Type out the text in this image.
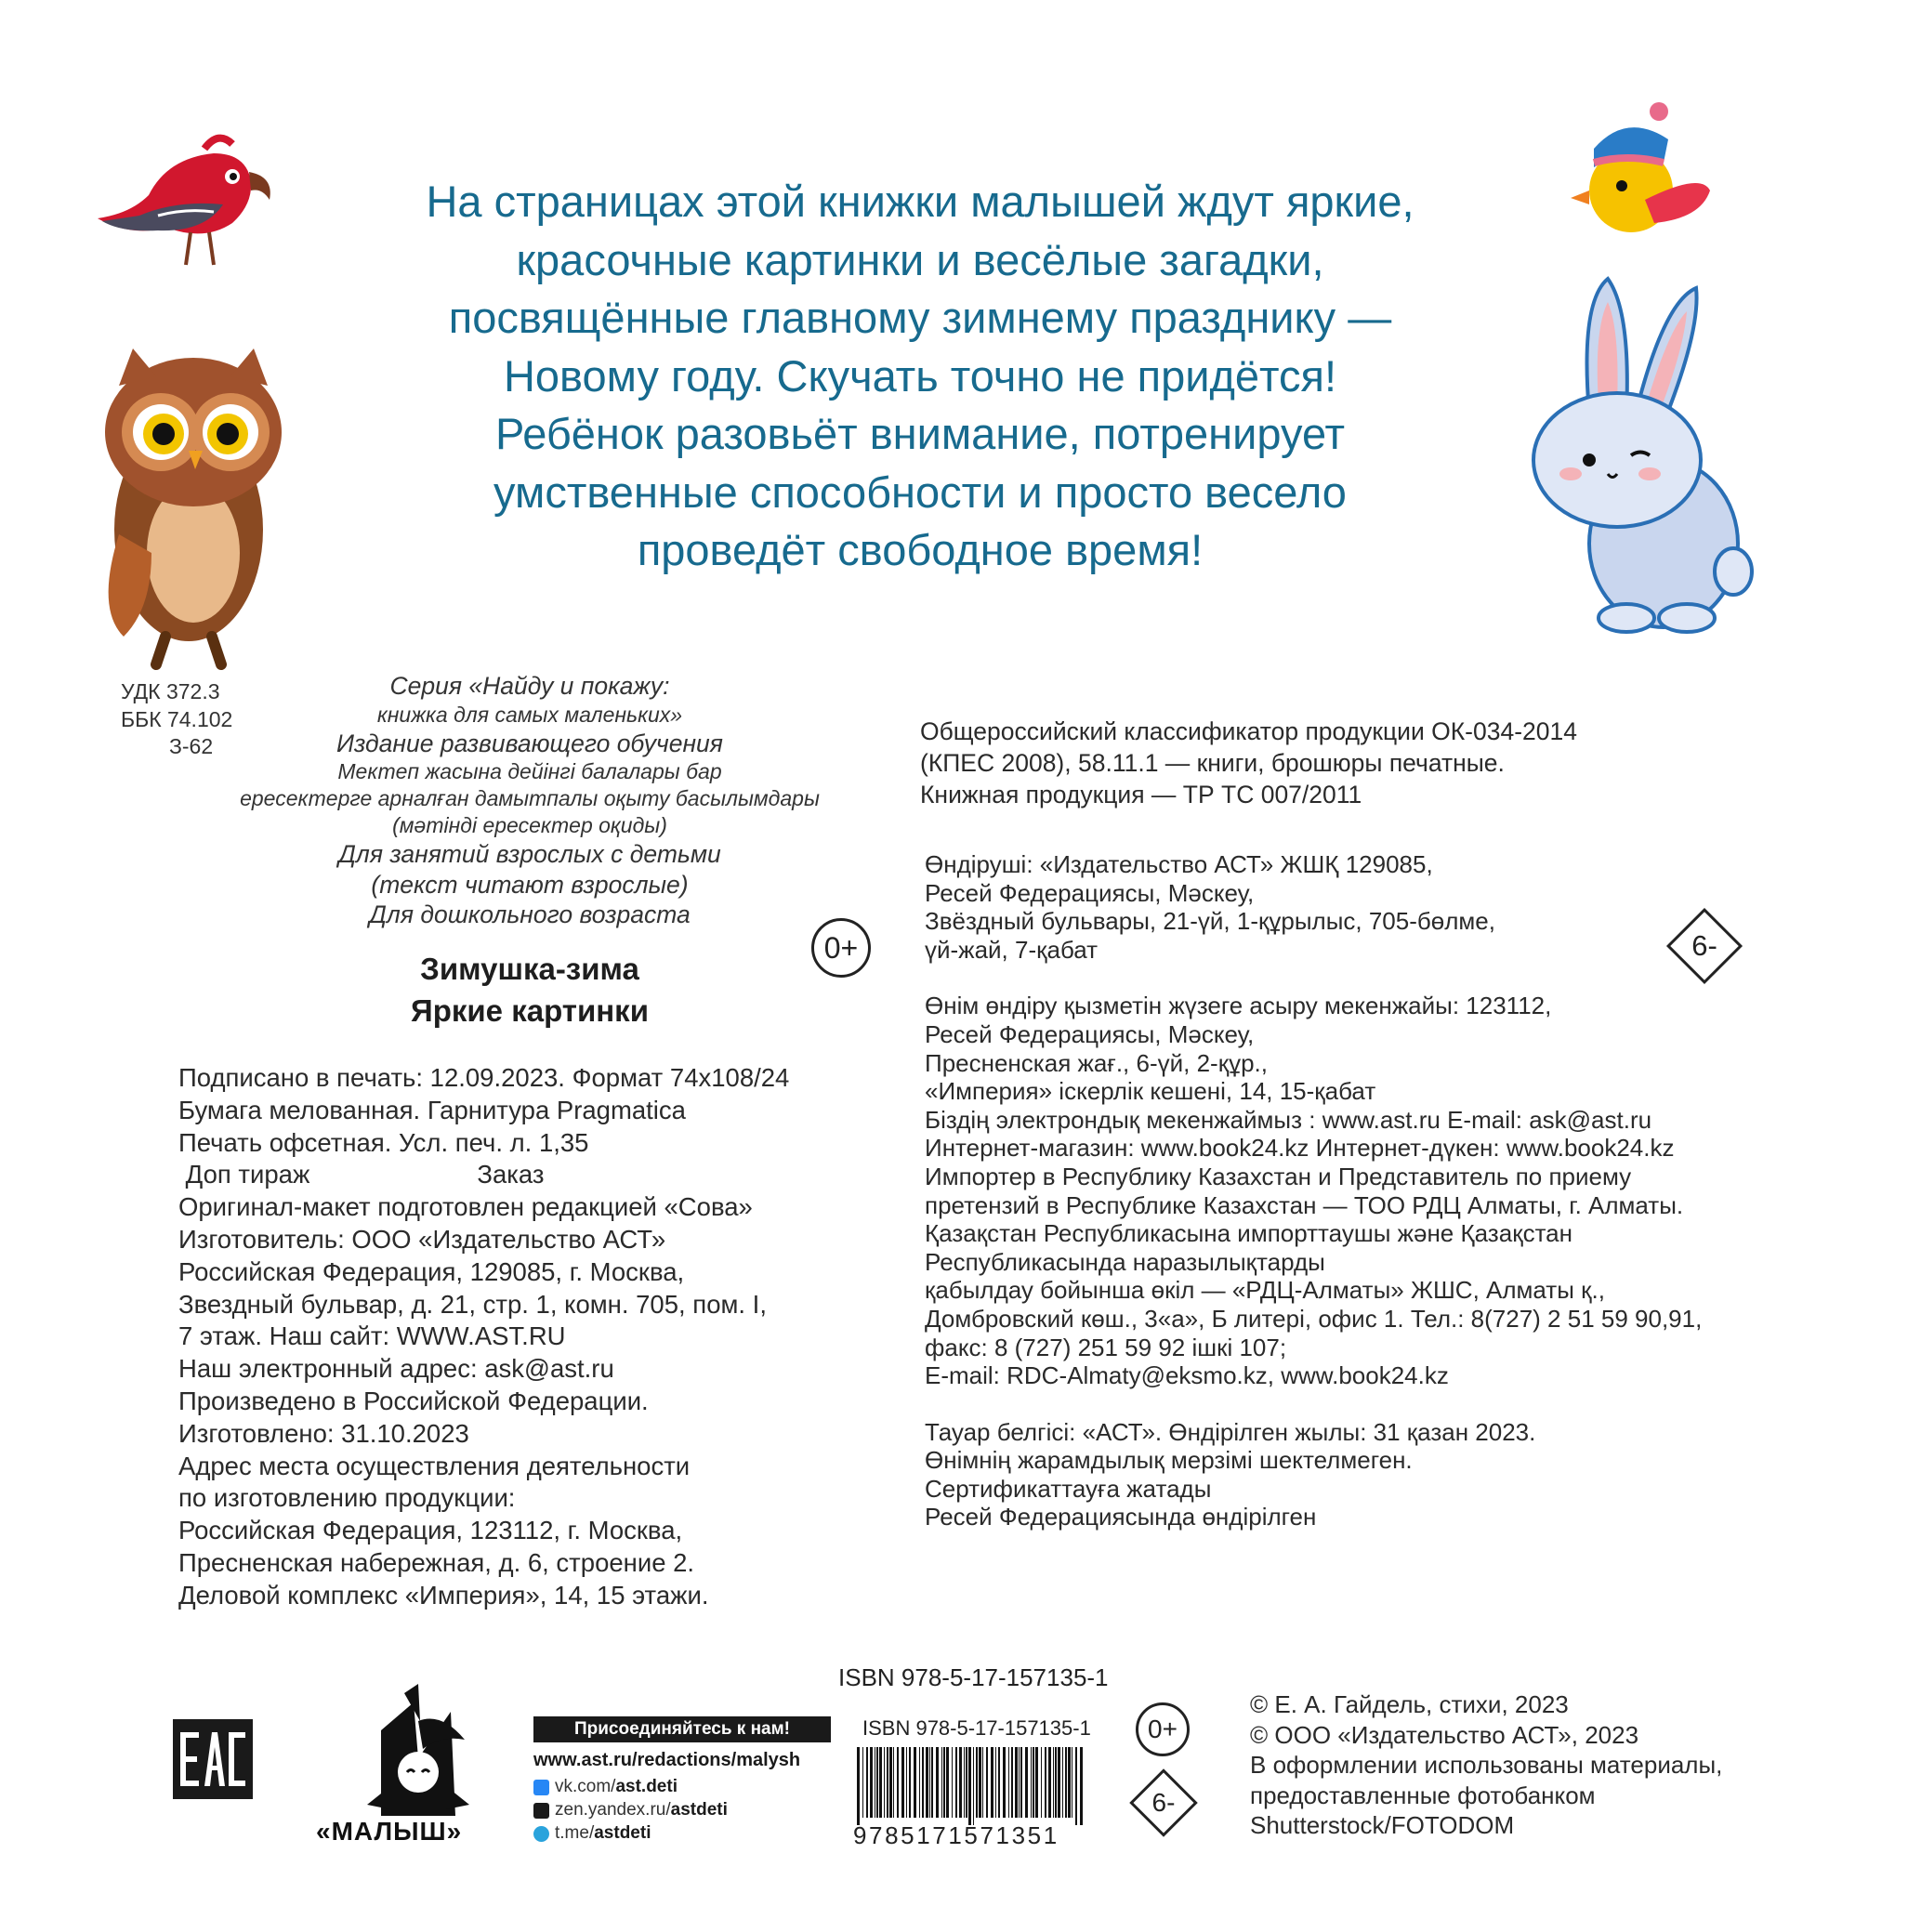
На страницах этой книжки малышей ждут яркие,
красочные картинки и весёлые загадки,
посвящённые главному зимнему празднику —
Новому году. Скучать точно не придётся!
Ребёнок разовьёт внимание, потренирует
умственные способности и просто весело
проведёт свободное время!
УДК 372.3
ББК 74.102
З-62
Серия «Найду и покажу:
книжка для самых маленьких»
Издание развивающего обучения
Мектеп жасына дейінгі балалары бар
ересектерге арналған дамытпалы оқыту басылымдары
(мәтінді ересектер оқиды)
Для занятий взрослых с детьми
(текст читают взрослые)
Для дошкольного возраста
Зимушка-зима
Яркие картинки
0+	6-
Подписано в печать: 12.09.2023. Формат 74х108/24
Бумага мелованная. Гарнитура Pragmatica
Печать офсетная. Усл. печ. л. 1,35
Доп тираж	Заказ
Оригинал-макет подготовлен редакцией «Сова»
Изготовитель: ООО «Издательство АСТ»
Российская Федерация, 129085, г. Москва,
Звездный бульвар, д. 21, стр. 1, комн. 705, пом. I,
7 этаж. Наш сайт: WWW.AST.RU
Наш электронный адрес: ask@ast.ru
Произведено в Российской Федерации.
Изготовлено: 31.10.2023
Адрес места осуществления деятельности
по изготовлению продукции:
Российская Федерация, 123112, г. Москва,
Пресненская набережная, д. 6, строение 2.
Деловой комплекс «Империя», 14, 15 этажи.
Общероссийский классификатор продукции ОК-034-2014
(КПЕС 2008), 58.11.1 — книги, брошюры печатные.
Книжная продукция — ТР ТС 007/2011
Өндіруші: «Издательство АСТ» ЖШҚ 129085,
Ресей Федерациясы, Мәскеу,
Звёздный бульвары, 21-үй, 1-құрылыс, 705-бөлме,
үй-жай, 7-қабат
Өнім өндіру қызметін жүзеге асыру мекенжайы: 123112,
Ресей Федерациясы, Мәскеу,
Пресненская жағ., 6-үй, 2-құр.,
«Империя» іскерлік кешені, 14, 15-қабат
Біздің электрондық мекенжаймыз : www.ast.ru E-mail: ask@ast.ru
Интернет-магазин: www.book24.kz Интернет-дүкен: www.book24.kz
Импортер в Республику Казахстан и Представитель по приему
претензий в Республике Казахстан — ТОО РДЦ Алматы, г. Алматы.
Қазақстан Республикасына импорттаушы және Қазақстан
Республикасында наразылықтарды
қабылдау бойынша өкіл — «РДЦ-Алматы» ЖШС, Алматы қ.,
Домбровский көш., 3«а», Б литері, офис 1. Тел.: 8(727) 2 51 59 90,91,
факс: 8 (727) 251 59 92 ішкі 107;
E-mail: RDC-Almaty@eksmo.kz, www.book24.kz
Тауар белгісі: «АСТ». Өндірілген жылы: 31 қазан 2023.
Өнімнің жарамдылық мерзімі шектелмеген.
Сертификаттауға жатады
Ресей Федерациясында өндірілген
ISBN 978-5-17-157135-1
«МАЛЫШ»
Присоединяйтесь к нам!
www.ast.ru/redactions/malysh
vk.com/ ast.deti
zen.yandex.ru/ astdeti
t.me/ astdeti
ISBN 978-5-17-157135-1
9785171571351
0+
6-
© Е. А. Гайдель, стихи, 2023
© ООО «Издательство АСТ», 2023
В оформлении использованы материалы,
предоставленные фотобанком
Shutterstock/FOTODOM
